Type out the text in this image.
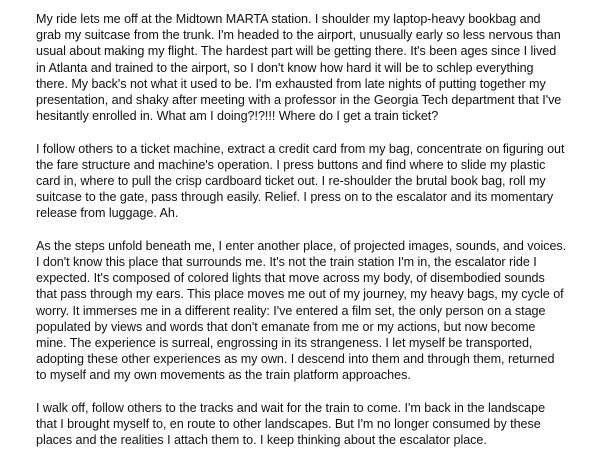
My ride lets me off at the Midtown MARTA station. I shoulder my laptop-heavy bookbag and
grab my suitcase from the trunk. I'm headed to the airport, unusually early so less nervous than
usual about making my flight. The hardest part will be getting there. It's been ages since I lived
in Atlanta and trained to the airport, so I don't know how hard it will be to schlep everything
there. My back's not what it used to be. I'm exhausted from late nights of putting together my
presentation, and shaky after meeting with a professor in the Georgia Tech department that I've
hesitantly enrolled in. What am I doing?!?!!! Where do I get a train ticket?

I follow others to a ticket machine, extract a credit card from my bag, concentrate on figuring out
the fare structure and machine's operation. I press buttons and find where to slide my plastic
card in, where to pull the crisp cardboard ticket out. I re-shoulder the brutal book bag, roll my
suitcase to the gate, pass through easily. Relief. I press on to the escalator and its momentary
release from luggage. Ah.

As the steps unfold beneath me, I enter another place, of projected images, sounds, and voices.
I don't know this place that surrounds me. It's not the train station I'm in, the escalator ride I
expected. It's composed of colored lights that move across my body, of disembodied sounds
that pass through my ears. This place moves me out of my journey, my heavy bags, my cycle of
worry. It immerses me in a different reality: I've entered a film set, the only person on a stage
populated by views and words that don't emanate from me or my actions, but now become
mine. The experience is surreal, engrossing in its strangeness. I let myself be transported,
adopting these other experiences as my own. I descend into them and through them, returned
to myself and my own movements as the train platform approaches.

I walk off, follow others to the tracks and wait for the train to come. I'm back in the landscape
that I brought myself to, en route to other landscapes. But I'm no longer consumed by these
places and the realities I attach them to. I keep thinking about the escalator place.
